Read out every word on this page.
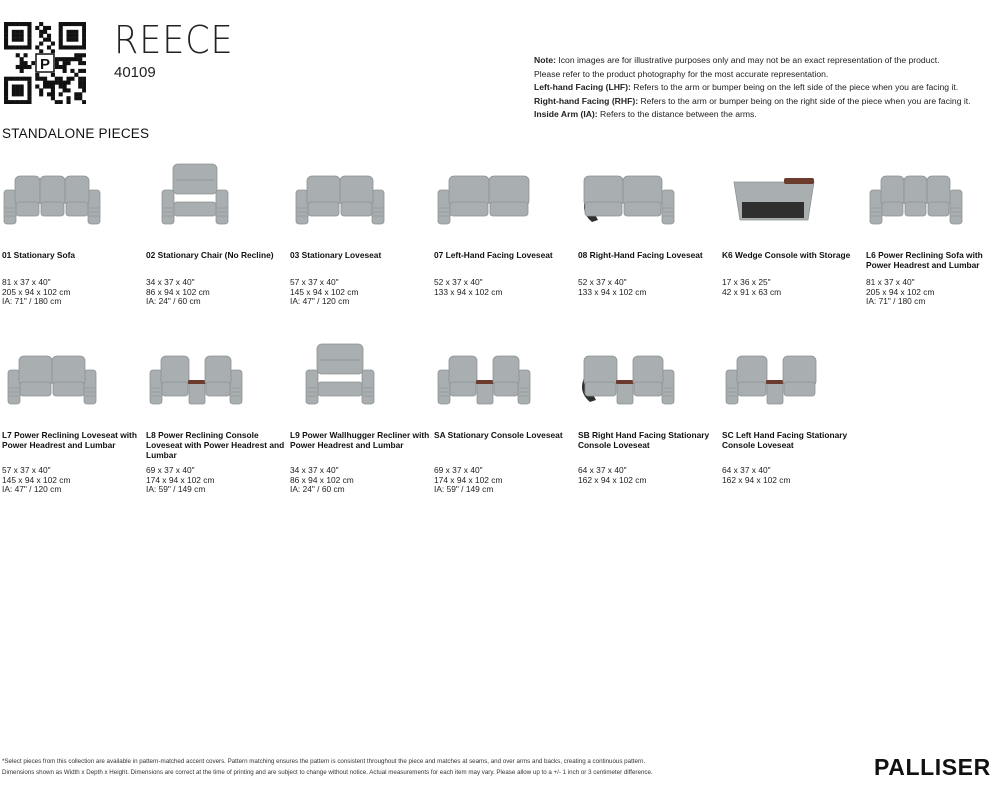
P
REECE
40109
Note: Icon images are for illustrative purposes only and may not be an exact representation of the product.
Please refer to the product photography for the most accurate representation.
Left-hand Facing (LHF): Refers to the arm or bumper being on the left side of the piece when you are facing it.
Right-hand Facing (RHF): Refers to the arm or bumper being on the right side of the piece when you are facing it.
Inside Arm (IA): Refers to the distance between the arms.
STANDALONE PIECES
01 Stationary Sofa
81 x 37 x 40"
205 x 94 x 102 cm
IA: 71" / 180 cm
02 Stationary Chair (No Recline)
34 x 37 x 40"
86 x 94 x 102 cm
IA: 24" / 60 cm
03 Stationary Loveseat
57 x 37 x 40"
145 x 94 x 102 cm
IA: 47" / 120 cm
07 Left-Hand Facing Loveseat
52 x 37 x 40"
133 x 94 x 102 cm
08 Right-Hand Facing Loveseat
52 x 37 x 40"
133 x 94 x 102 cm
K6 Wedge Console with Storage
17 x 36 x 25"
42 x 91 x 63 cm
L6 Power Reclining Sofa with Power Headrest and Lumbar
81 x 37 x 40"
205 x 94 x 102 cm
IA: 71" / 180 cm
L7 Power Reclining Loveseat with Power Headrest and Lumbar
57 x 37 x 40"
145 x 94 x 102 cm
IA: 47" / 120 cm
L8 Power Reclining Console Loveseat with Power Headrest and Lumbar
69 x 37 x 40"
174 x 94 x 102 cm
IA: 59" / 149 cm
L9 Power Wallhugger Recliner with Power Headrest and Lumbar
34 x 37 x 40"
86 x 94 x 102 cm
IA: 24" / 60 cm
SA Stationary Console Loveseat
69 x 37 x 40"
174 x 94 x 102 cm
IA: 59" / 149 cm
SB Right Hand Facing Stationary Console Loveseat
64 x 37 x 40"
162 x 94 x 102 cm
SC Left Hand Facing Stationary Console Loveseat
64 x 37 x 40"
162 x 94 x 102 cm
*Select pieces from this collection are available in pattern-matched accent covers. Pattern matching ensures the pattern is consistent throughout the piece and matches at seams, and over arms and backs, creating a continuous pattern.
Dimensions shown as Width x Depth x Height. Dimensions are correct at the time of printing and are subject to change without notice. Actual measurements for each item may vary. Please allow up to a +/- 1 inch or 3 centimeter difference.	PALLISER
